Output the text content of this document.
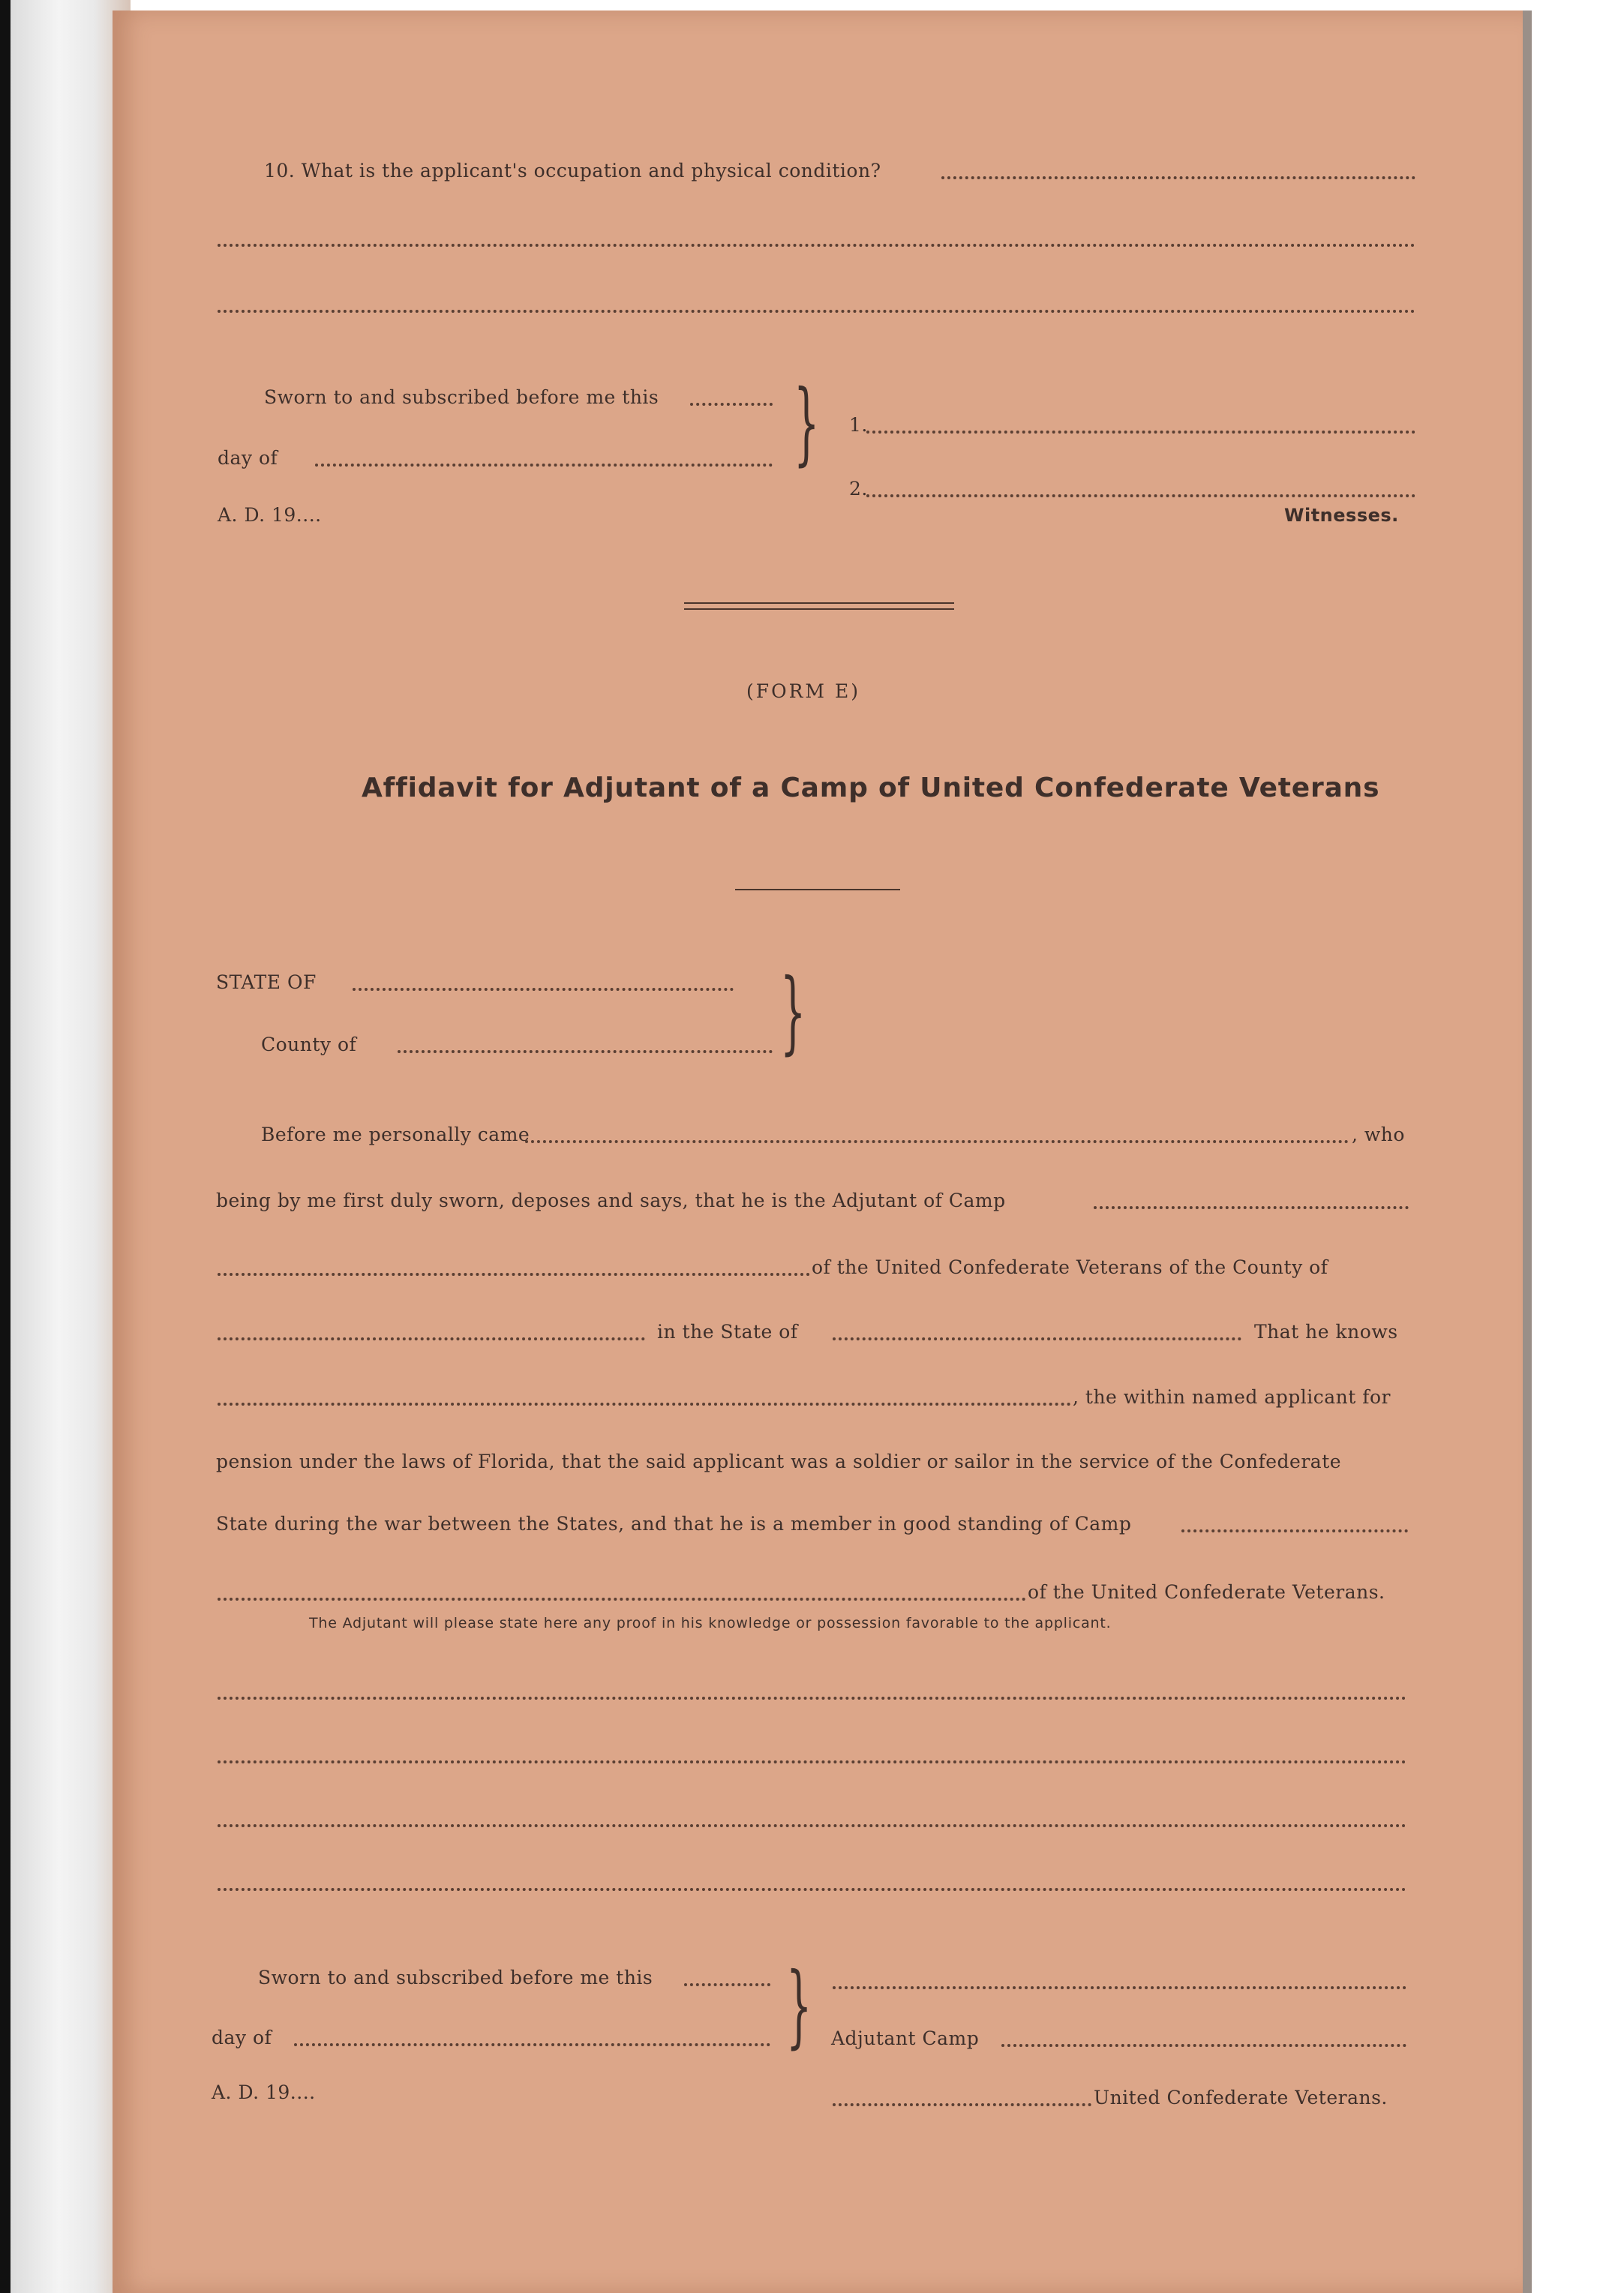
10. What is the applicant's occupation and physical condition?
Sworn to and subscribed before me this
day of
A. D. 19....
} 1.
2.
Witnesses.
(FORM E)
Affidavit for Adjutant of a Camp of United Confederate Veterans
STATE OF
County of	}
Before me personally came	, who
being by me first duly sworn, deposes and says, that he is the Adjutant of Camp
of the United Confederate Veterans of the County of
in the State of	That he knows
, the within named applicant for
pension under the laws of Florida, that the said applicant was a soldier or sailor in the service of the Confederate
State during the war between the States, and that he is a member in good standing of Camp
of the United Confederate Veterans.
The Adjutant will please state here any proof in his knowledge or possession favorable to the applicant.
Sworn to and subscribed before me this
day of
A. D. 19....
} Adjutant Camp
United Confederate Veterans.
